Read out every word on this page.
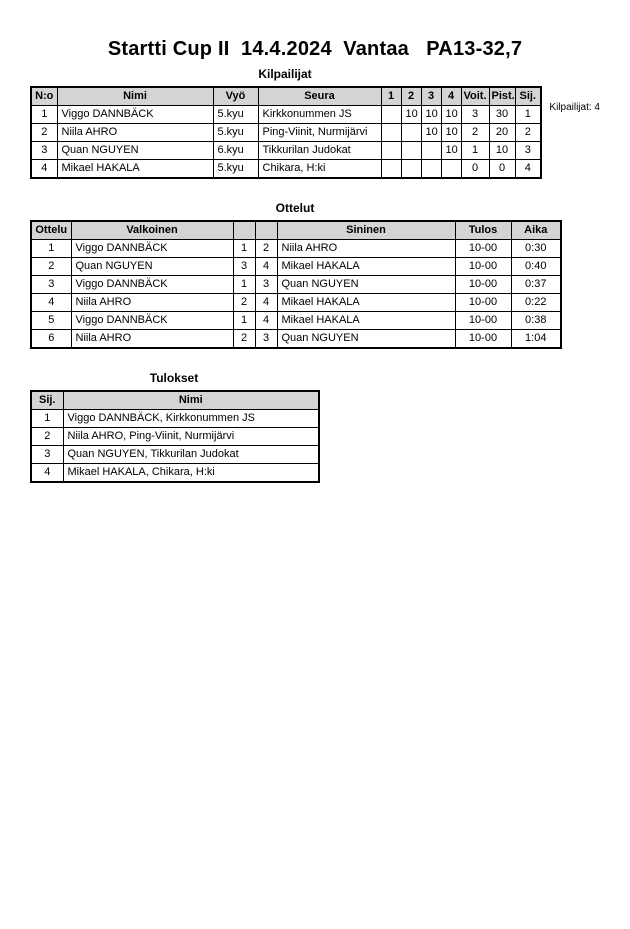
Startti Cup II  14.4.2024  Vantaa   PA13-32,7
Kilpailijat: 4
Kilpailijat
N:o	Nimi	Vyö	Seura	1	2	3	4	Voit.	Pist.	Sij.
1	Viggo DANNBÄCK	5.kyu	Kirkkonummen JS		10	10	10	3	30	1
2	Niila AHRO	5.kyu	Ping-Viinit, Nurmijärvi			10	10	2	20	2
3	Quan NGUYEN	6.kyu	Tikkurilan Judokat				10	1	10	3
4	Mikael HAKALA	5.kyu	Chikara, H:ki					0	0	4
Ottelut
Ottelu	Valkoinen			Sininen	Tulos	Aika
1	Viggo DANNBÄCK	1	2	Niila AHRO	10-00	0:30
2	Quan NGUYEN	3	4	Mikael HAKALA	10-00	0:40
3	Viggo DANNBÄCK	1	3	Quan NGUYEN	10-00	0:37
4	Niila AHRO	2	4	Mikael HAKALA	10-00	0:22
5	Viggo DANNBÄCK	1	4	Mikael HAKALA	10-00	0:38
6	Niila AHRO	2	3	Quan NGUYEN	10-00	1:04
Tulokset
Sij.	Nimi
1	Viggo DANNBÄCK, Kirkkonummen JS
2	Niila AHRO, Ping-Viinit, Nurmijärvi
3	Quan NGUYEN, Tikkurilan Judokat
4	Mikael HAKALA, Chikara, H:ki
